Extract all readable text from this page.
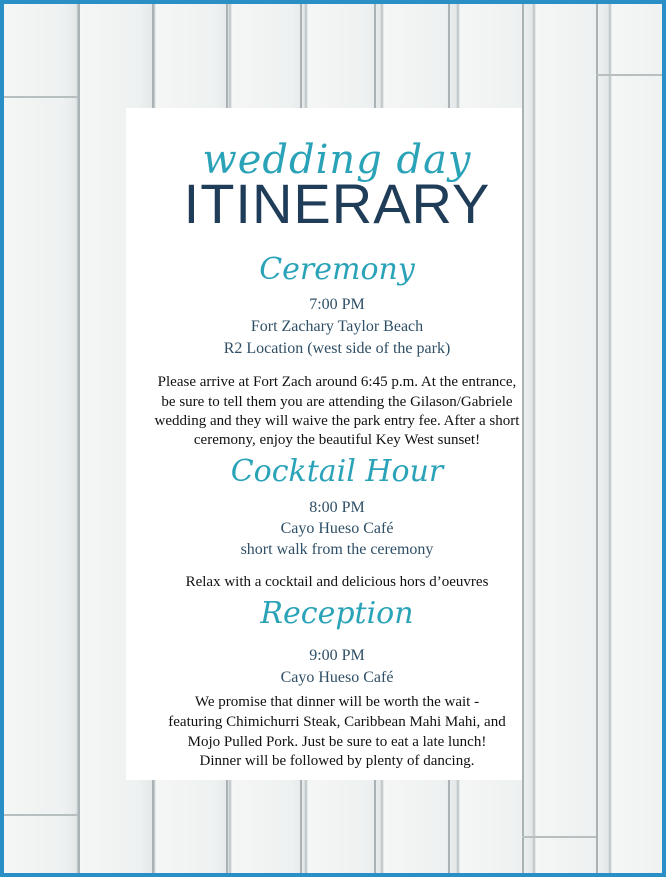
wedding day
ITINERARY
Ceremony
7:00 PM
Fort Zachary Taylor Beach
R2 Location (west side of the park)
Please arrive at Fort Zach around 6:45 p.m. At the entrance,
be sure to tell them you are attending the Gilason/Gabriele
wedding and they will waive the park entry fee. After a short
ceremony, enjoy the beautiful Key West sunset!
Cocktail Hour
8:00 PM
Cayo Hueso Café
short walk from the ceremony
Relax with a cocktail and delicious hors d’oeuvres
Reception
9:00 PM
Cayo Hueso Café
We promise that dinner will be worth the wait -
featuring Chimichurri Steak, Caribbean Mahi Mahi, and
Mojo Pulled Pork. Just be sure to eat a late lunch!
Dinner will be followed by plenty of dancing.
